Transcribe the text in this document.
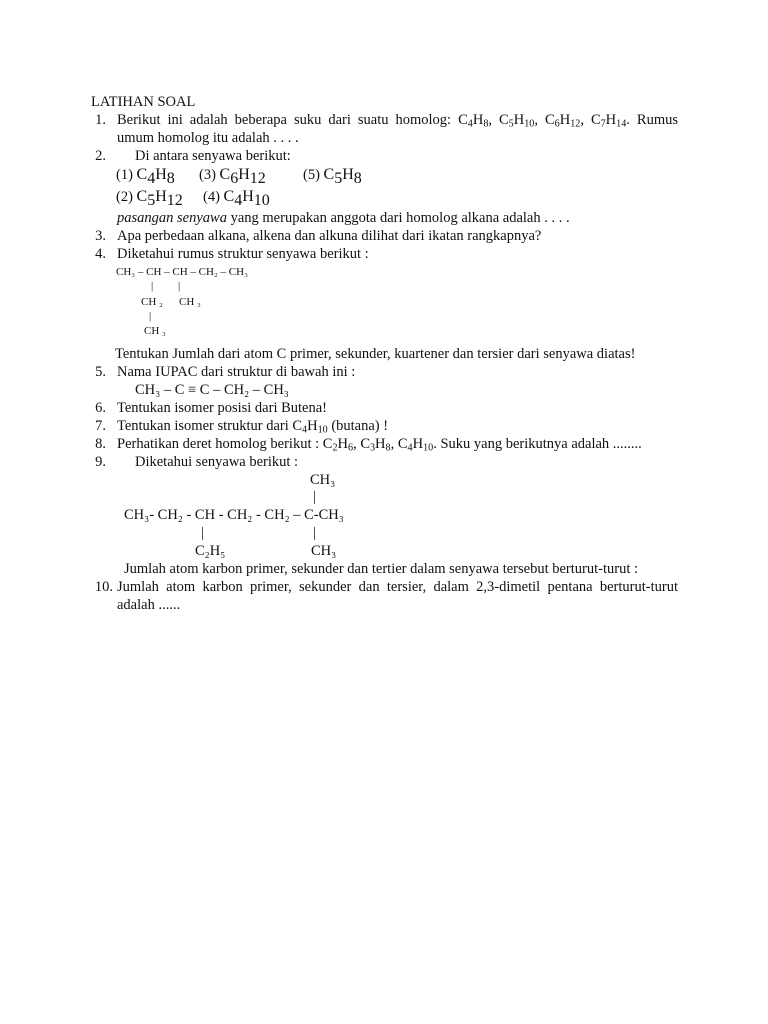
LATIHAN SOAL
1. Berikut ini adalah beberapa suku dari suatu homolog: $C_4H_8$, $C_5H_{10}$, $C_6H_{12}$, $C_7H_{14}$. Rumus
umum homolog itu adalah . . . .
2. Di antara senyawa berikut:
(1) $C_4H_8$ (3) $C_6H_{12}$	(5) $C_5H_8$
(2) $C_5H_{12}$ (4) $C_4H_{10}$
pasangan senyawa yang merupakan anggota dari homolog alkana adalah . . . .
3. Apa perbedaan alkana, alkena dan alkuna dilihat dari ikatan rangkapnya?
4. Diketahui rumus struktur senyawa berikut :
CH₃ – CH – CH – CH₂ – CH₃
| |
CH ₂ CH ₃
|
CH ₃
Tentukan Jumlah dari atom C primer, sekunder, kuartener dan tersier dari senyawa diatas!
5. Nama IUPAC dari struktur di bawah ini :
CH₃ – C ≡ C – CH₂ – CH₃
6. Tentukan isomer posisi dari Butena!
7. Tentukan isomer struktur dari $C_4H_{10}$ (butana) !
8. Perhatikan deret homolog berikut : $C_2H_6$, $C_3H_8$, $C_4H_{10}$. Suku yang berikutnya adalah ........
9. Diketahui senyawa berikut :
CH₃
|
CH₃- CH₂ - CH - CH₂ - CH₂ – C-CH₃
|	|
C₂H₅	CH₃
Jumlah atom karbon primer, sekunder dan tertier dalam senyawa tersebut berturut-turut :
10. Jumlah atom karbon primer, sekunder dan tersier, dalam 2,3-dimetil pentana berturut-turut
adalah ......
